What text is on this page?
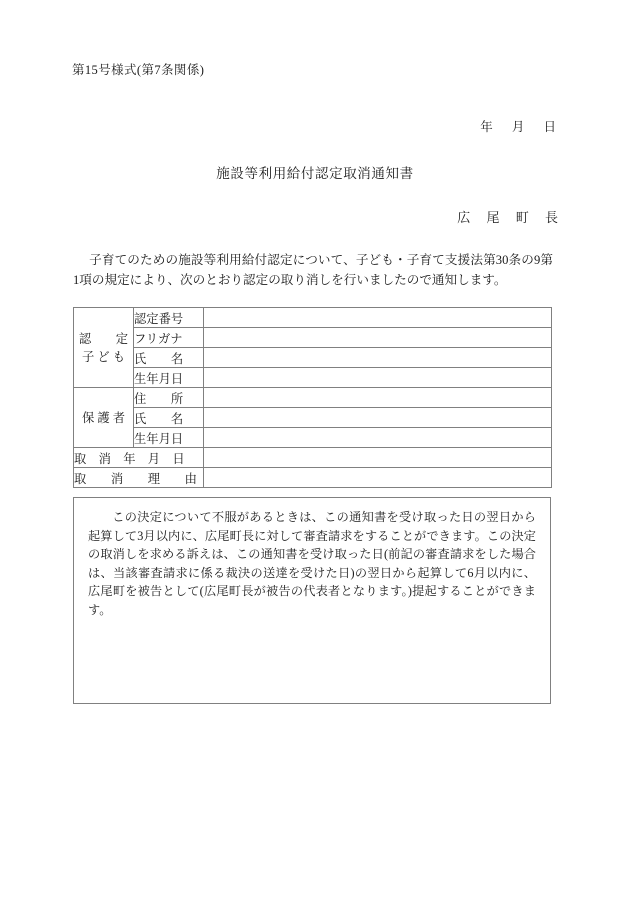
第15号様式(第7条関係)
年 月 日
施設等利用給付認定取消通知書
広 尾 町 長

子育てのための施設等利用給付認定について、子ども・子育て支援法第30条の9第1項の規定により、次のとおり認定の取り消しを行いましたので通知します。

認　　定
子 ど も	認定番号	
	フリガナ	
	氏　　名	
	生年月日	

保 護 者	住　　所	
	氏　　名	
	生年月日	
取　消　年　月　日		
取　　消　　理　　由		

この決定について不服があるときは、この通知書を受け取った日の翌日から起算して3月以内に、広尾町長に対して審査請求をすることができます。この決定の取消しを求める訴えは、この通知書を受け取った日(前記の審査請求をした場合は、当該審査請求に係る裁決の送達を受けた日)の翌日から起算して6月以内に、広尾町を被告として(広尾町長が被告の代表者となります。)提起することができます。
